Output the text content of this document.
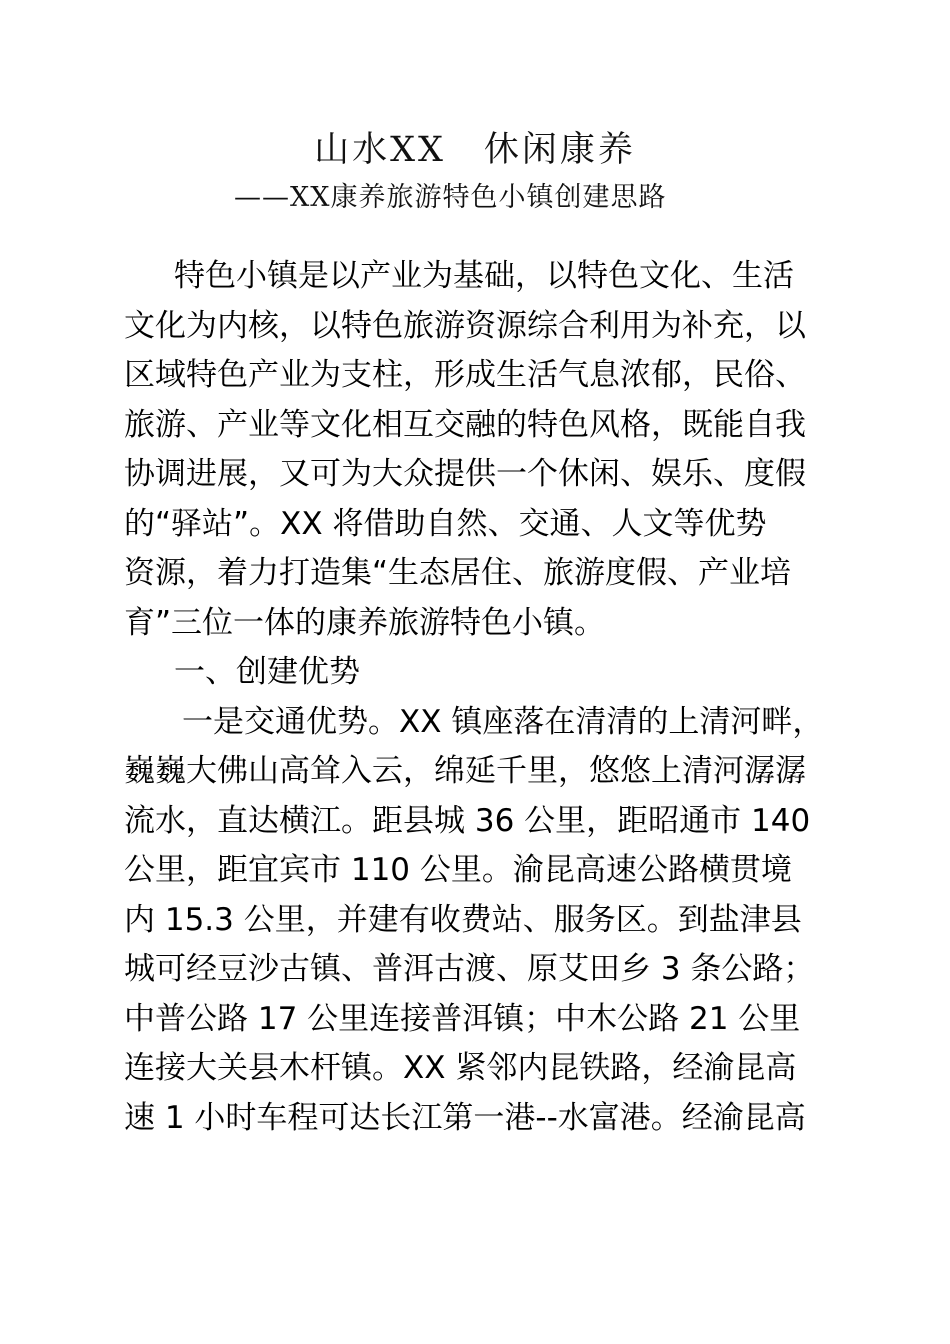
山水XX　休闲康养
——XX康养旅游特色小镇创建思路
特色小镇是以产业为基础，以特色文化、生活
文化为内核，以特色旅游资源综合利用为补充，以
区域特色产业为支柱，形成生活气息浓郁，民俗、
旅游、产业等文化相互交融的特色风格，既能自我
协调进展，又可为大众提供一个休闲、娱乐、度假
的“驿站”。XX 将借助自然、交通、人文等优势
资源，着力打造集“生态居住、旅游度假、产业培
育”三位一体的康养旅游特色小镇。
一、创建优势
一是交通优势。XX 镇座落在清清的上清河畔，
巍巍大佛山高耸入云，绵延千里，悠悠上清河潺潺
流水，直达横江。距县城 36 公里，距昭通市 140
公里，距宜宾市 110 公里。渝昆高速公路横贯境
内 15.3 公里，并建有收费站、服务区。到盐津县
城可经豆沙古镇、普洱古渡、原艾田乡 3 条公路；
中普公路 17 公里连接普洱镇；中木公路 21 公里
连接大关县木杆镇。XX 紧邻内昆铁路，经渝昆高
速 1 小时车程可达长江第一港--水富港。经渝昆高
